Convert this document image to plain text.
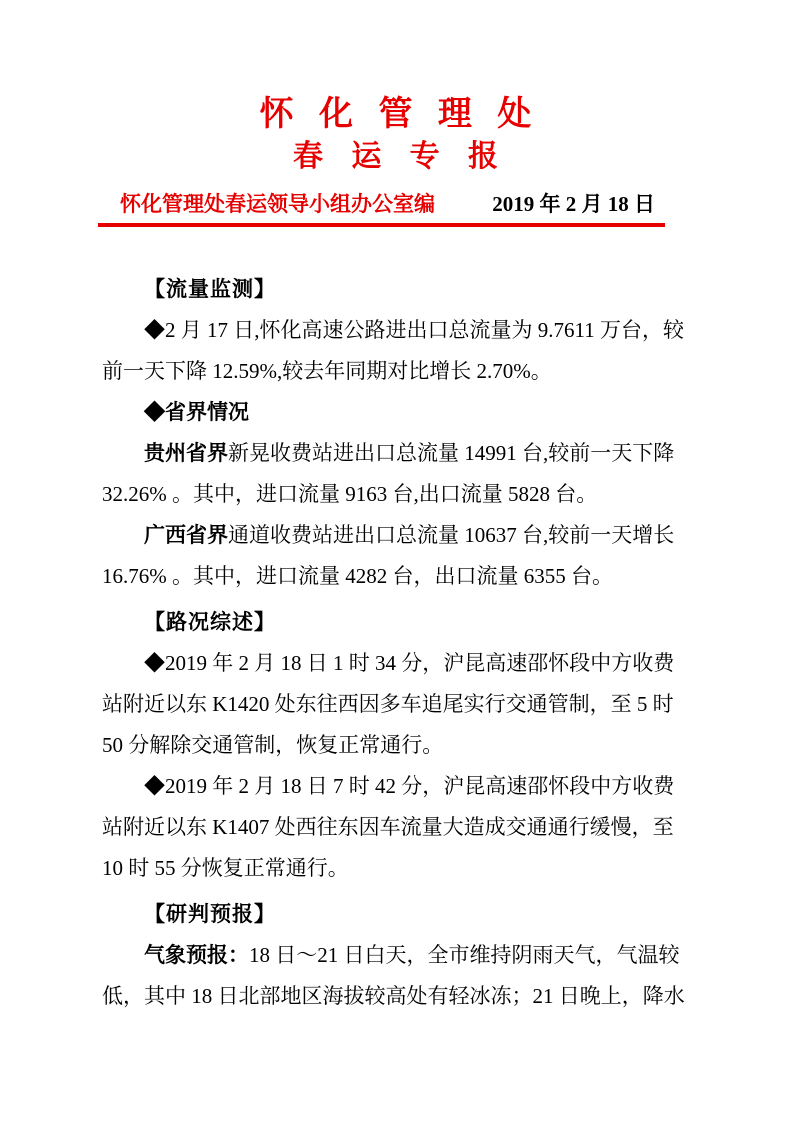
怀 化 管 理 处
春 运 专 报
怀化管理处春运领导小组办公室编	2019 年 2 月 18 日

【流量监测】

◆2 月 17 日,怀化高速公路进出口总流量为 9.7611 万台，较
前一天下降 12.59%,较去年同期对比增长 2.70%。

◆省界情况

贵州省界新晃收费站进出口总流量 14991 台,较前一天下降
32.26% 。其中，进口流量 9163 台,出口流量 5828 台。

广西省界通道收费站进出口总流量 10637 台,较前一天增长
16.76% 。其中，进口流量 4282 台，出口流量 6355 台。

【路况综述】

◆2019 年 2 月 18 日 1 时 34 分，沪昆高速邵怀段中方收费
站附近以东 K1420 处东往西因多车追尾实行交通管制，至 5 时
50 分解除交通管制，恢复正常通行。

◆2019 年 2 月 18 日 7 时 42 分，沪昆高速邵怀段中方收费
站附近以东 K1407 处西往东因车流量大造成交通通行缓慢，至
10 时 55 分恢复正常通行。

【研判预报】

气象预报：18 日～21 日白天，全市维持阴雨天气，气温较
低，其中 18 日北部地区海拔较高处有轻冰冻；21 日晚上，降水
